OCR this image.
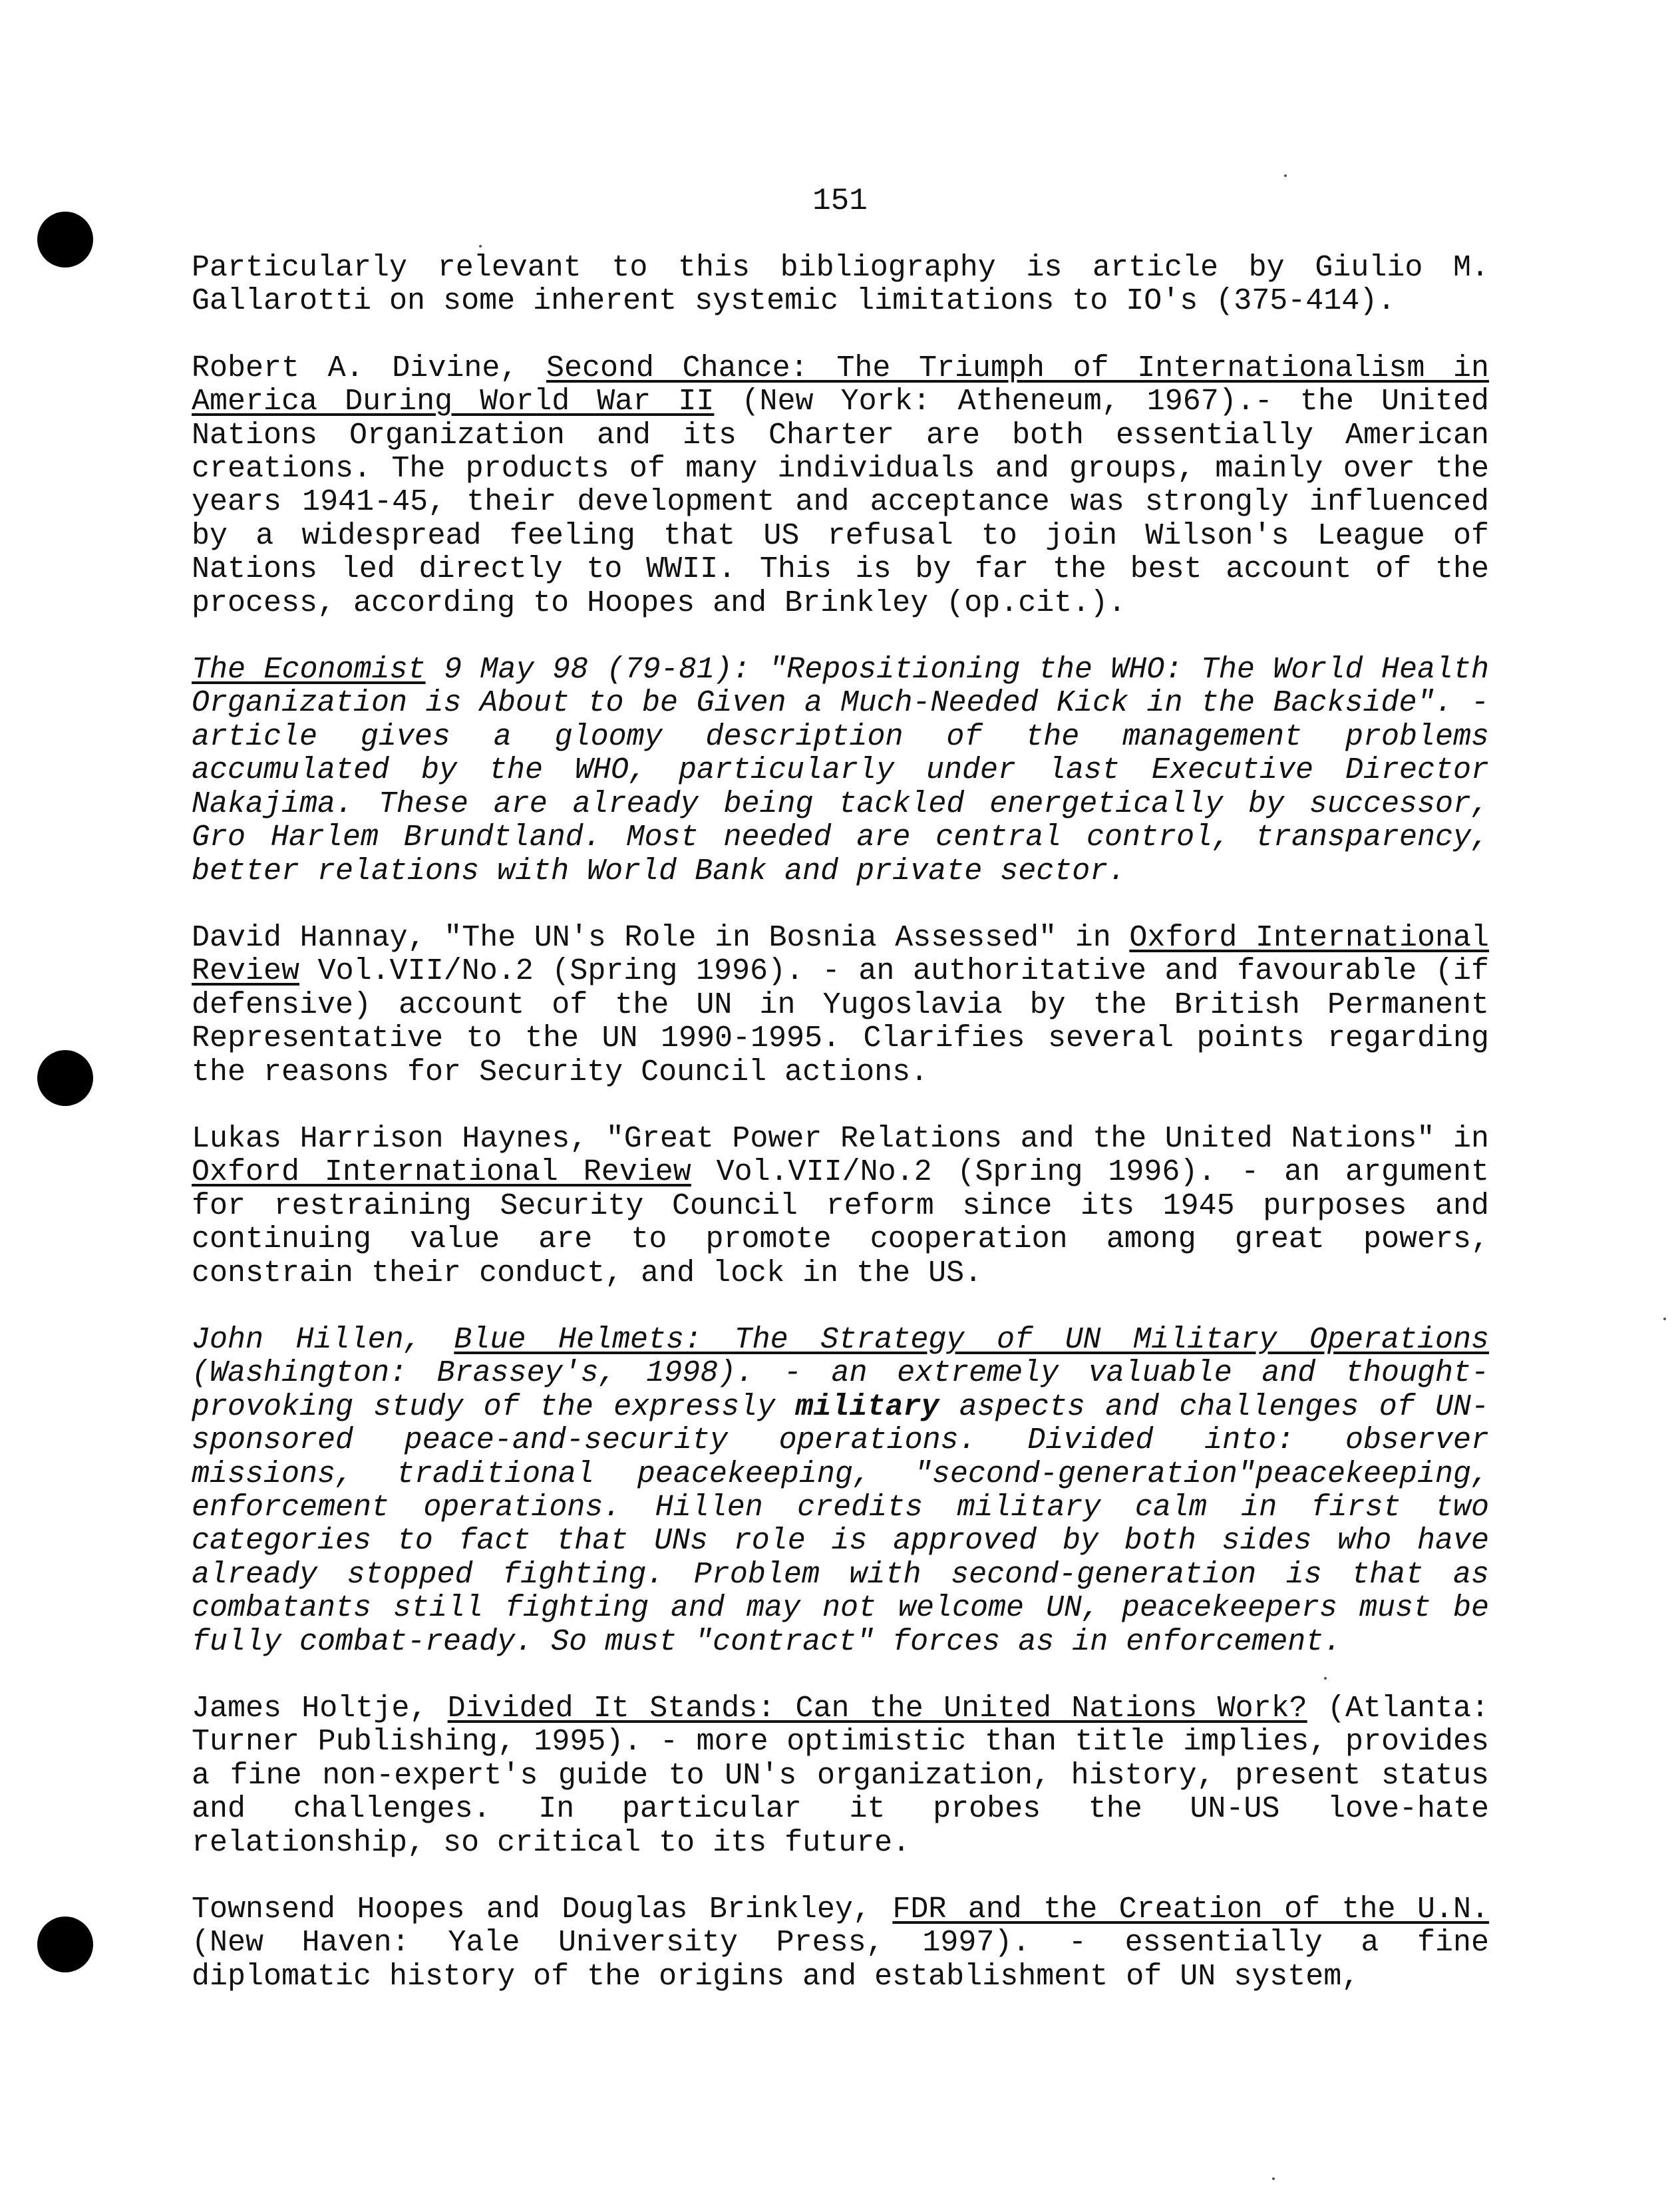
151

Particularly relevant to this bibliography is article by Giulio M. Gallarotti on some inherent systemic limitations to IO's (375-414).

Robert A. Divine, Second Chance: The Triumph of Internationalism in America During World War II (New York: Atheneum, 1967).- the United Nations Organization and its Charter are both essentially American creations. The products of many individuals and groups, mainly over the years 1941-45, their development and acceptance was strongly influenced by a widespread feeling that US refusal to join Wilson's League of Nations led directly to WWII. This is by far the best account of the process, according to Hoopes and Brinkley (op.cit.).

The Economist 9 May 98 (79-81): "Repositioning the WHO: The World Health Organization is About to be Given a Much-Needed Kick in the Backside". - article gives a gloomy description of the management problems accumulated by the WHO, particularly under last Executive Director Nakajima. These are already being tackled energetically by successor, Gro Harlem Brundtland. Most needed are central control, transparency, better relations with World Bank and private sector.

David Hannay, "The UN's Role in Bosnia Assessed" in Oxford International Review Vol.VII/No.2 (Spring 1996). - an authoritative and favourable (if defensive) account of the UN in Yugoslavia by the British Permanent Representative to the UN 1990-1995. Clarifies several points regarding the reasons for Security Council actions.

Lukas Harrison Haynes, "Great Power Relations and the United Nations" in Oxford International Review Vol.VII/No.2 (Spring 1996). - an argument for restraining Security Council reform since its 1945 purposes and continuing value are to promote cooperation among great powers, constrain their conduct, and lock in the US.

John Hillen, Blue Helmets: The Strategy of UN Military Operations (Washington: Brassey's, 1998). - an extremely valuable and thought-provoking study of the expressly military aspects and challenges of UN-sponsored peace-and-security operations. Divided into: observer missions, traditional peacekeeping, "second-generation"peacekeeping, enforcement operations. Hillen credits military calm in first two categories to fact that UNs role is approved by both sides who have already stopped fighting. Problem with second-generation is that as combatants still fighting and may not welcome UN, peacekeepers must be fully combat-ready. So must "contract" forces as in enforcement.

James Holtje, Divided It Stands: Can the United Nations Work? (Atlanta: Turner Publishing, 1995). - more optimistic than title implies, provides a fine non-expert's guide to UN's organization, history, present status and challenges. In particular it probes the UN-US love-hate relationship, so critical to its future.

Townsend Hoopes and Douglas Brinkley, FDR and the Creation of the U.N. (New Haven: Yale University Press, 1997). - essentially a fine diplomatic history of the origins and establishment of UN system,
